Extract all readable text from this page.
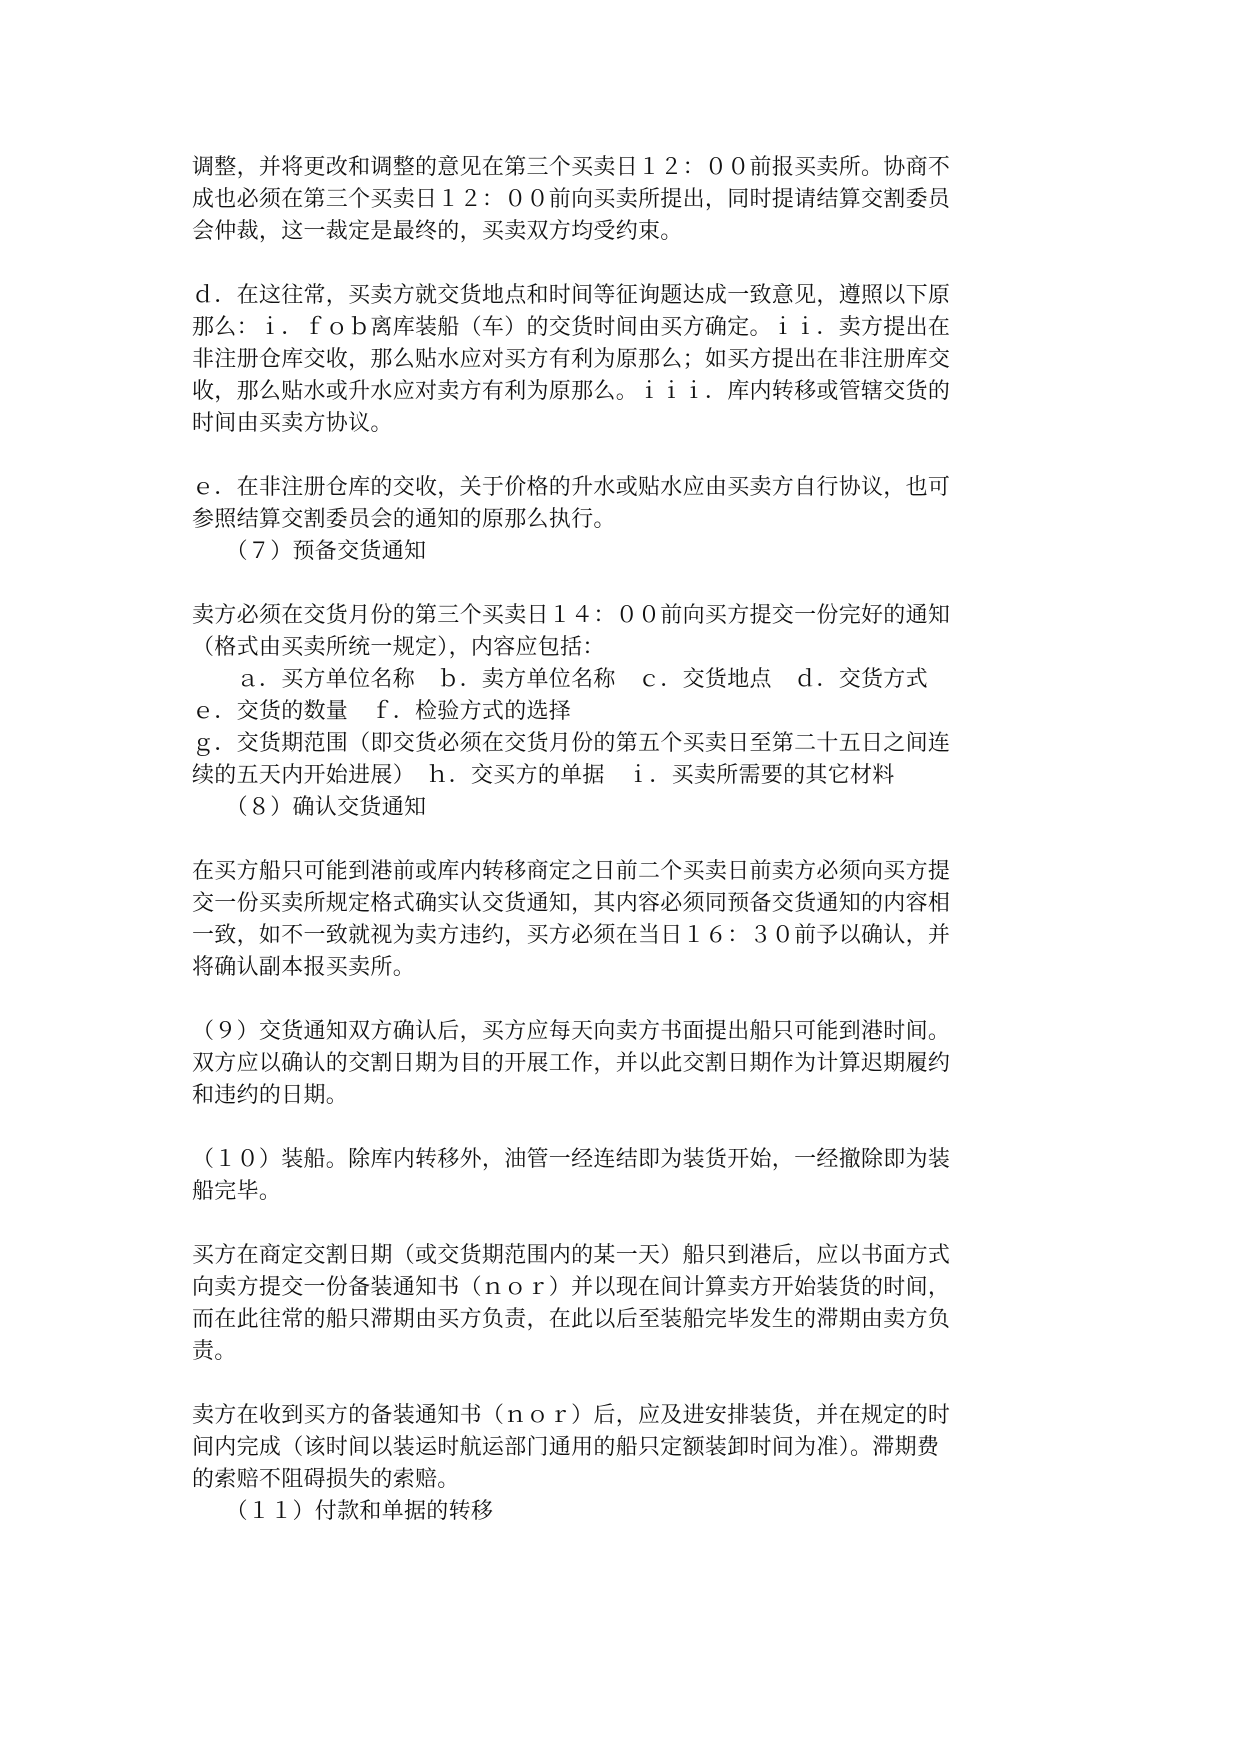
调整，并将更改和调整的意见在第三个买卖日１２：００前报买卖所。协商不
成也必须在第三个买卖日１２：００前向买卖所提出，同时提请结算交割委员
会仲裁，这一裁定是最终的，买卖双方均受约束。
ｄ．在这往常，买卖方就交货地点和时间等征询题达成一致意见，遵照以下原
那么：ｉ．ｆｏｂ离库装船（车）的交货时间由买方确定。ｉｉ．卖方提出在
非注册仓库交收，那么贴水应对买方有利为原那么；如买方提出在非注册库交
收，那么贴水或升水应对卖方有利为原那么。ｉｉｉ．库内转移或管辖交货的
时间由买卖方协议。
ｅ．在非注册仓库的交收，关于价格的升水或贴水应由买卖方自行协议，也可
参照结算交割委员会的通知的原那么执行。
　　（７）预备交货通知
卖方必须在交货月份的第三个买卖日１４：００前向买方提交一份完好的通知
（格式由买卖所统一规定），内容应包括：
　　ａ．买方单位名称　ｂ．卖方单位名称　ｃ．交货地点　ｄ．交货方式
ｅ．交货的数量　ｆ．检验方式的选择
ｇ．交货期范围（即交货必须在交货月份的第五个买卖日至第二十五日之间连
续的五天内开始进展）　ｈ．交买方的单据　ｉ．买卖所需要的其它材料
　　（８）确认交货通知
在买方船只可能到港前或库内转移商定之日前二个买卖日前卖方必须向买方提
交一份买卖所规定格式确实认交货通知，其内容必须同预备交货通知的内容相
一致，如不一致就视为卖方违约，买方必须在当日１６：３０前予以确认，并
将确认副本报买卖所。
（９）交货通知双方确认后，买方应每天向卖方书面提出船只可能到港时间。
双方应以确认的交割日期为目的开展工作，并以此交割日期作为计算迟期履约
和违约的日期。
（１０）装船。除库内转移外，油管一经连结即为装货开始，一经撤除即为装
船完毕。
买方在商定交割日期（或交货期范围内的某一天）船只到港后，应以书面方式
向卖方提交一份备装通知书（ｎｏｒ）并以现在间计算卖方开始装货的时间，
而在此往常的船只滞期由买方负责，在此以后至装船完毕发生的滞期由卖方负
责。
卖方在收到买方的备装通知书（ｎｏｒ）后，应及进安排装货，并在规定的时
间内完成（该时间以装运时航运部门通用的船只定额装卸时间为准）。滞期费
的索赔不阻碍损失的索赔。
　　（１１）付款和单据的转移
